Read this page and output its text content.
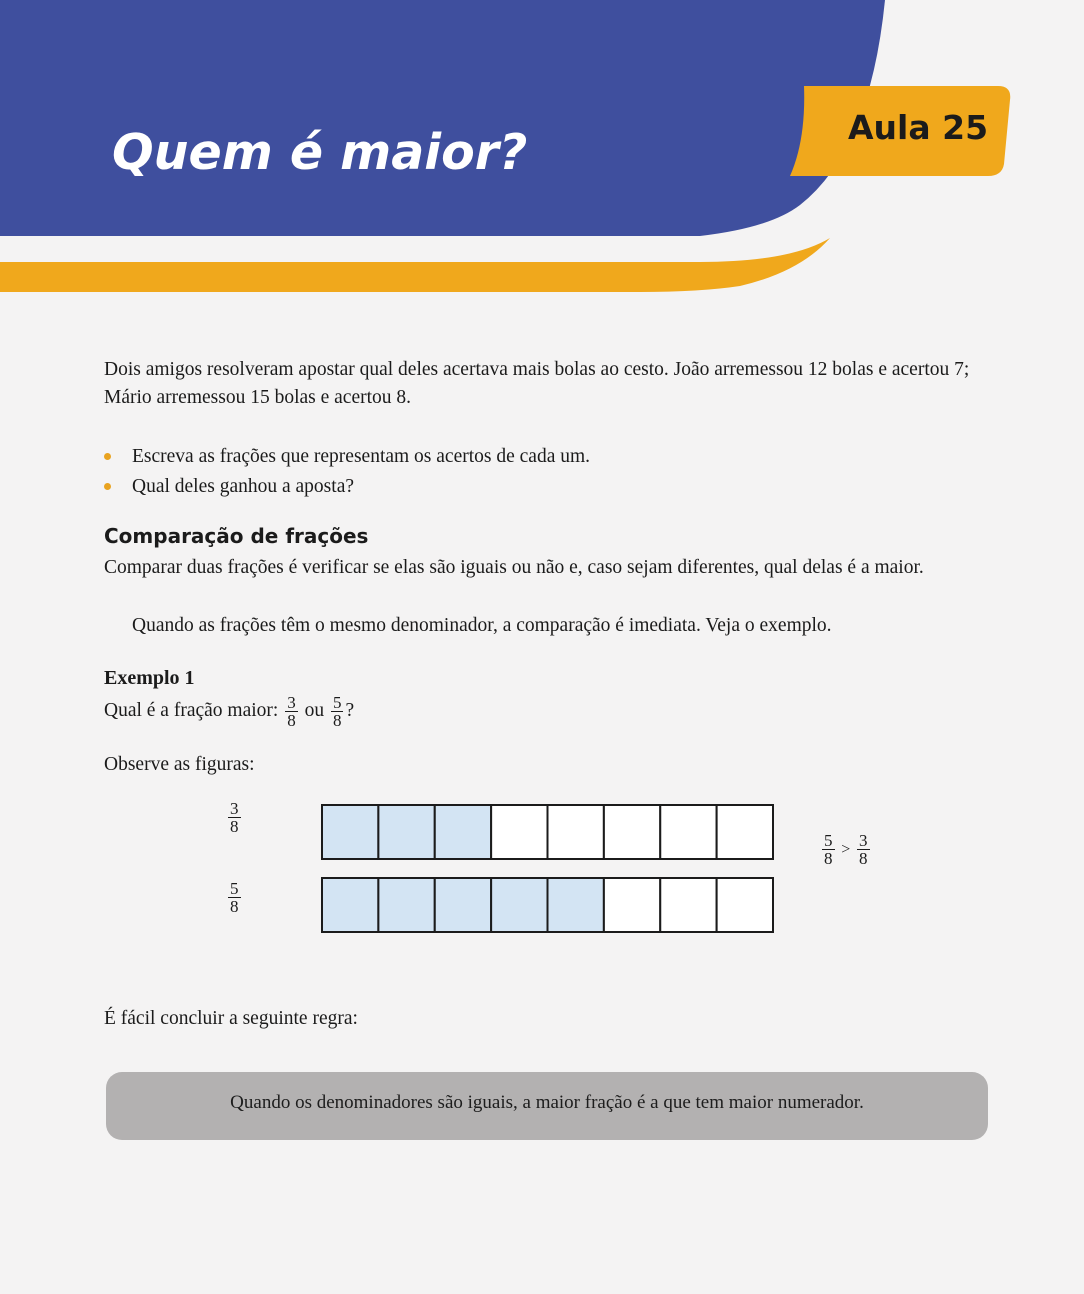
Quem é maior?	Aula 25
Dois amigos resolveram apostar qual deles acertava mais bolas ao cesto. João arremessou 12 bolas e acertou 7; Mário arremessou 15 bolas e acertou 8.
Escreva as frações que representam os acertos de cada um.
Qual deles ganhou a aposta?
Comparação de frações
Comparar duas frações é verificar se elas são iguais ou não e, caso sejam diferentes, qual delas é a maior.
Quando as frações têm o mesmo denominador, a comparação é imediata. Veja o exemplo.
Exemplo 1
Qual é a fração maior: $\frac{3}{8}$ ou $\frac{5}{8}$ ?
Observe as figuras:
$\frac{3}{8}$
$\frac{5}{8}$
$\frac{5}{8} > \frac{3}{8}$
É fácil concluir a seguinte regra:
Quando os denominadores são iguais, a maior fração é a que tem maior numerador.
